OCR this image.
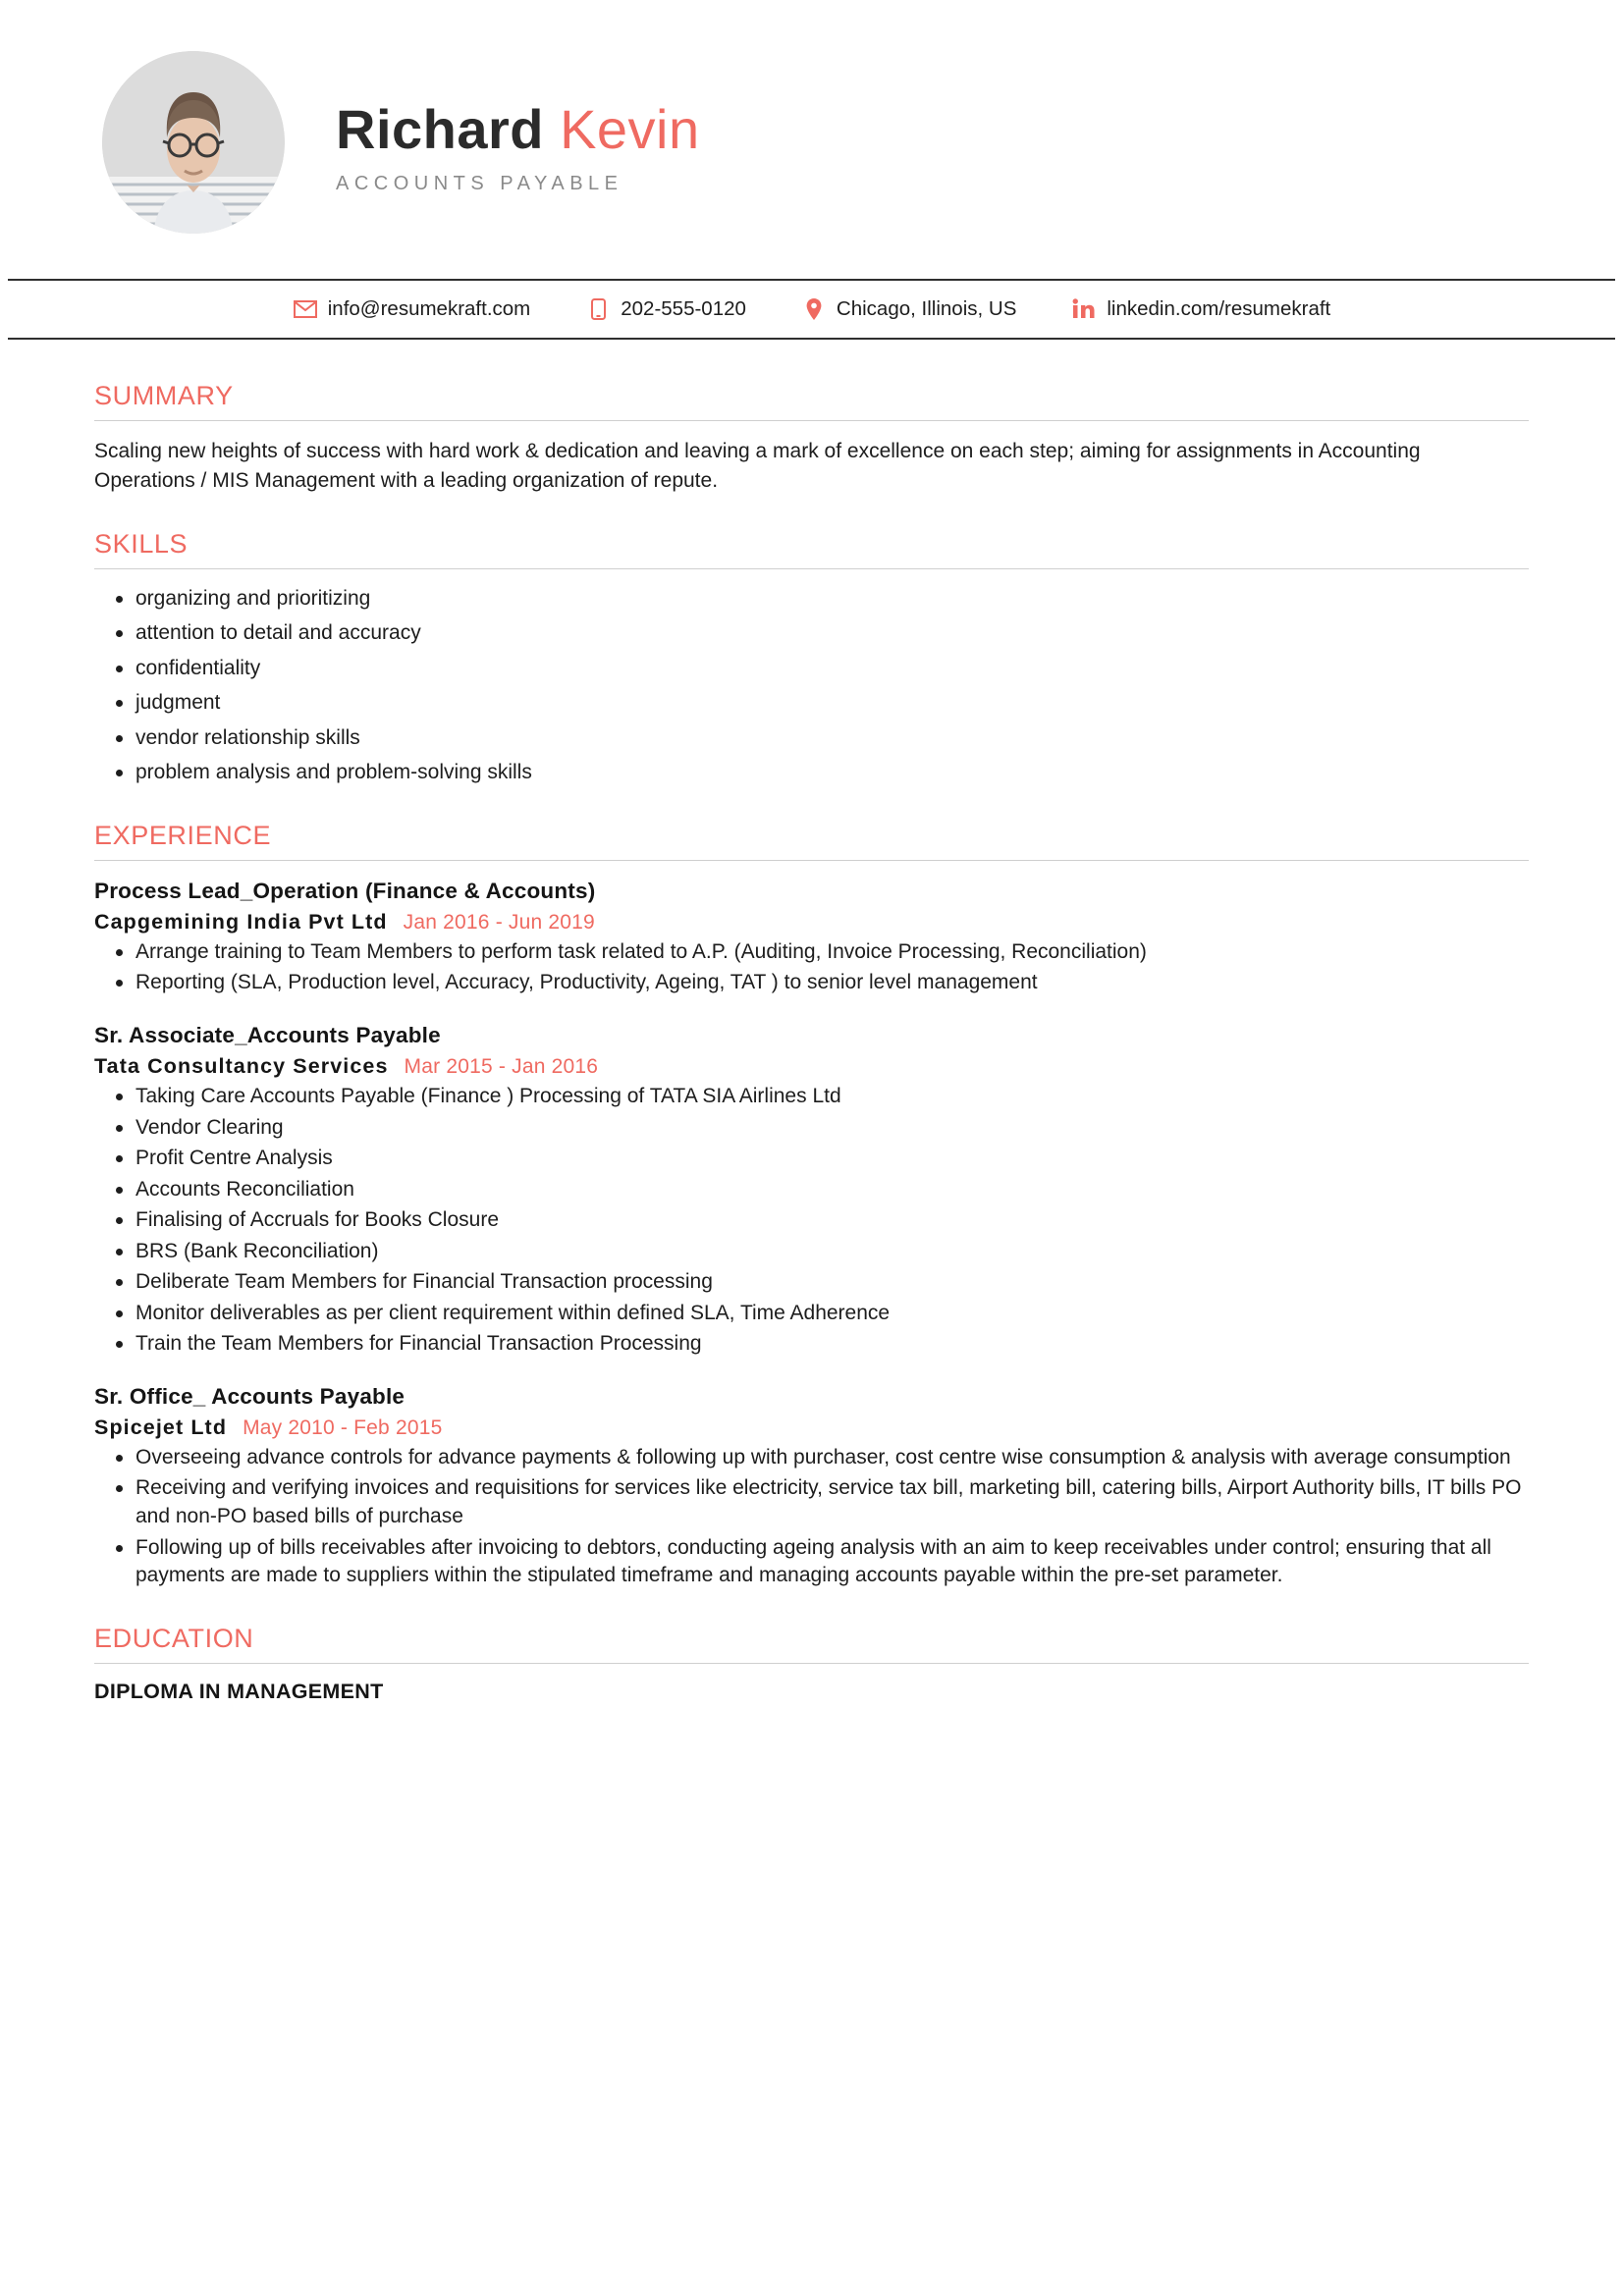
Richard Kevin
ACCOUNTS PAYABLE
info@resumekraft.com	202-555-0120	Chicago, Illinois, US	linkedin.com/resumekraft
SUMMARY

Scaling new heights of success with hard work & dedication and leaving a mark of excellence on each step; aiming for assignments in Accounting Operations / MIS Management with a leading organization of repute.

SKILLS
organizing and prioritizing
attention to detail and accuracy
confidentiality
judgment
vendor relationship skills
problem analysis and problem-solving skills
EXPERIENCE
Process Lead_Operation (Finance & Accounts)
Capgemining India Pvt Ltd Jan 2016 - Jun 2019
Arrange training to Team Members to perform task related to A.P. (Auditing, Invoice Processing, Reconciliation)
Reporting (SLA, Production level, Accuracy, Productivity, Ageing, TAT ) to senior level management
Sr. Associate_Accounts Payable
Tata Consultancy Services Mar 2015 - Jan 2016
Taking Care Accounts Payable (Finance ) Processing of TATA SIA Airlines Ltd
Vendor Clearing
Profit Centre Analysis
Accounts Reconciliation
Finalising of Accruals for Books Closure
BRS (Bank Reconciliation)
Deliberate Team Members for Financial Transaction processing
Monitor deliverables as per client requirement within defined SLA, Time Adherence
Train the Team Members for Financial Transaction Processing
Sr. Office_ Accounts Payable
Spicejet Ltd May 2010 - Feb 2015
Overseeing advance controls for advance payments & following up with purchaser, cost centre wise consumption & analysis with average consumption
Receiving and verifying invoices and requisitions for services like electricity, service tax bill, marketing bill, catering bills, Airport Authority bills, IT bills PO and non-PO based bills of purchase
Following up of bills receivables after invoicing to debtors, conducting ageing analysis with an aim to keep receivables under control; ensuring that all payments are made to suppliers within the stipulated timeframe and managing accounts payable within the pre-set parameter.
EDUCATION
DIPLOMA IN MANAGEMENT
